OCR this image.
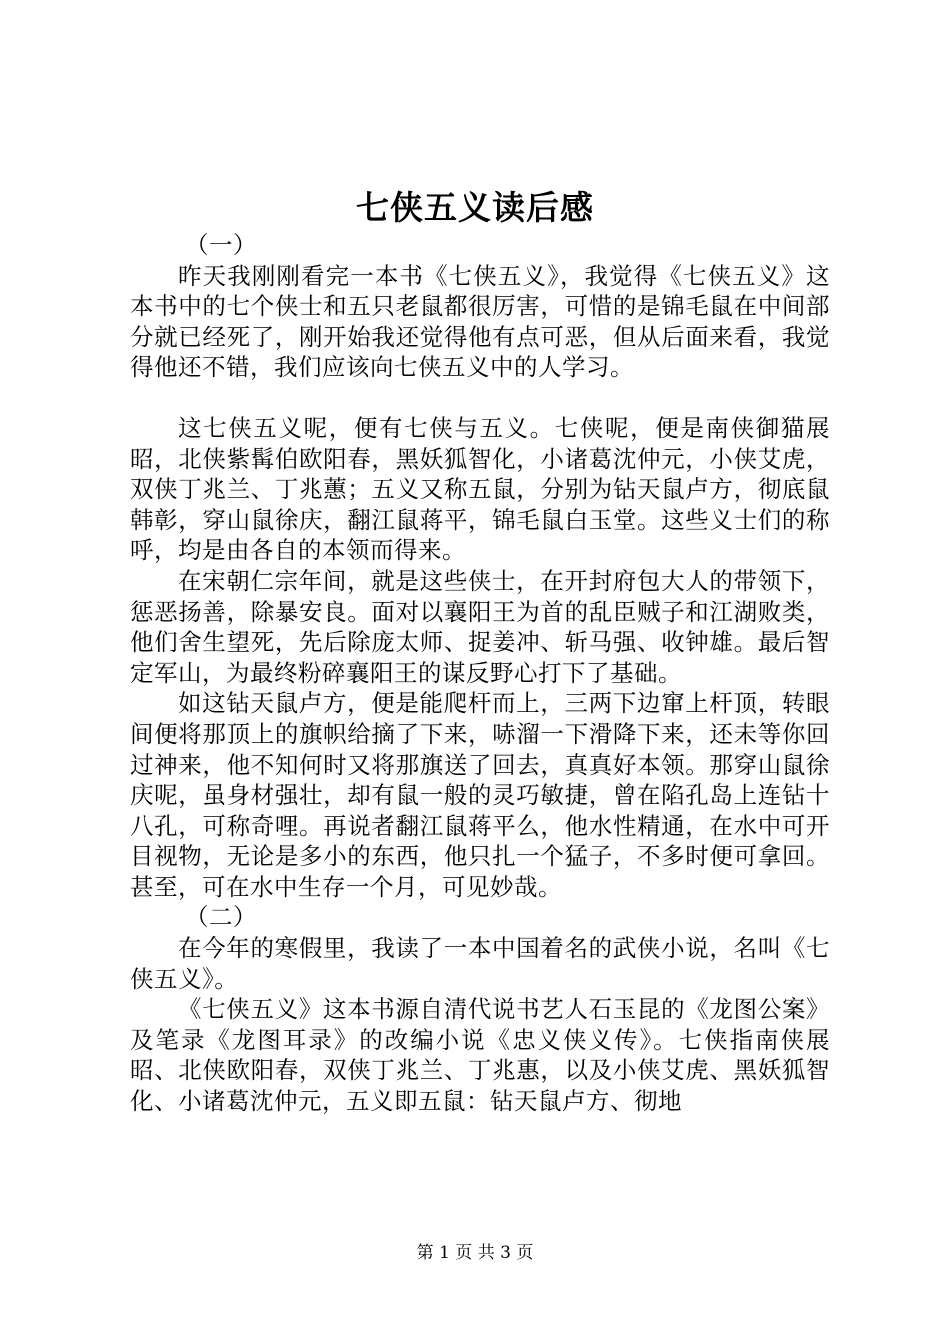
七侠五义读后感

（一）

昨天我刚刚看完一本书《七侠五义》，我觉得《七侠五义》这本书中的七个侠士和五只老鼠都很厉害，可惜的是锦毛鼠在中间部分就已经死了，刚开始我还觉得他有点可恶，但从后面来看，我觉得他还不错，我们应该向七侠五义中的人学习。

这七侠五义呢，便有七侠与五义。七侠呢，便是南侠御猫展昭，北侠紫髯伯欧阳春，黑妖狐智化，小诸葛沈仲元，小侠艾虎，双侠丁兆兰、丁兆蕙；五义又称五鼠，分别为钻天鼠卢方，彻底鼠韩彰，穿山鼠徐庆，翻江鼠蒋平，锦毛鼠白玉堂。这些义士们的称呼，均是由各自的本领而得来。

在宋朝仁宗年间，就是这些侠士，在开封府包大人的带领下，惩恶扬善，除暴安良。面对以襄阳王为首的乱臣贼子和江湖败类，他们舍生望死，先后除庞太师、捉姜冲、斩马强、收钟雄。最后智定军山，为最终粉碎襄阳王的谋反野心打下了基础。

如这钻天鼠卢方，便是能爬杆而上，三两下边窜上杆顶，转眼间便将那顶上的旗帜给摘了下来，哧溜一下滑降下来，还未等你回过神来，他不知何时又将那旗送了回去，真真好本领。那穿山鼠徐庆呢，虽身材强壮，却有鼠一般的灵巧敏捷，曾在陷孔岛上连钻十八孔，可称奇哩。再说者翻江鼠蒋平么，他水性精通，在水中可开目视物，无论是多小的东西，他只扎一个猛子，不多时便可拿回。甚至，可在水中生存一个月，可见妙哉。

（二）

在今年的寒假里，我读了一本中国着名的武侠小说，名叫《七侠五义》。

《七侠五义》这本书源自清代说书艺人石玉昆的《龙图公案》及笔录《龙图耳录》的改编小说《忠义侠义传》。七侠指南侠展昭、北侠欧阳春，双侠丁兆兰、丁兆惠，以及小侠艾虎、黑妖狐智化、小诸葛沈仲元，五义即五鼠：钻天鼠卢方、彻地

第 1 页 共 3 页
